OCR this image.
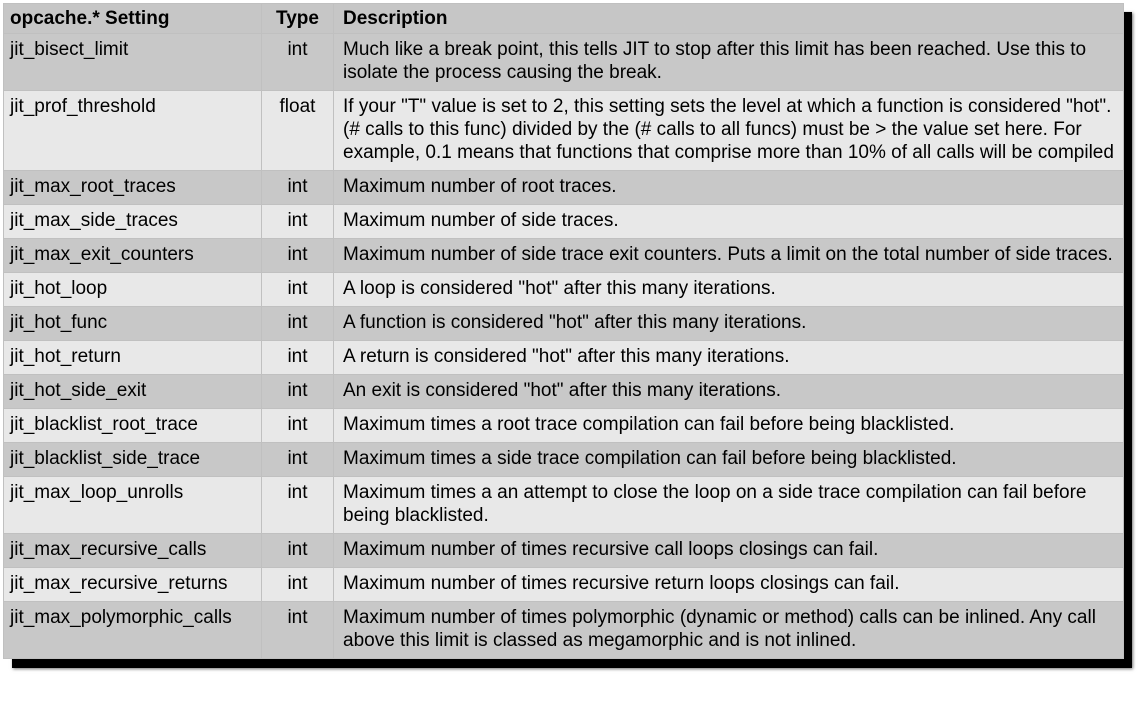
opcache.* Setting	Type	Description
jit_bisect_limit	int	Much like a break point, this tells JIT to stop after this limit has been reached. Use this to isolate the process causing the break.
jit_prof_threshold	float	If your "T" value is set to 2, this setting sets the level at which a function is considered "hot". (# calls to this func) divided by the (# calls to all funcs) must be > the value set here. For example, 0.1 means that functions that comprise more than 10% of all calls will be compiled
jit_max_root_traces	int	Maximum number of root traces.
jit_max_side_traces	int	Maximum number of side traces.
jit_max_exit_counters	int	Maximum number of side trace exit counters. Puts a limit on the total number of side traces.
jit_hot_loop	int	A loop is considered "hot" after this many iterations.
jit_hot_func	int	A function is considered "hot" after this many iterations.
jit_hot_return	int	A return is considered "hot" after this many iterations.
jit_hot_side_exit	int	An exit is considered "hot" after this many iterations.
jit_blacklist_root_trace	int	Maximum times a root trace compilation can fail before being blacklisted.
jit_blacklist_side_trace	int	Maximum times a side trace compilation can fail before being blacklisted.
jit_max_loop_unrolls	int	Maximum times a an attempt to close the loop on a side trace compilation can fail before being blacklisted.
jit_max_recursive_calls	int	Maximum number of times recursive call loops closings can fail.
jit_max_recursive_returns	int	Maximum number of times recursive return loops closings can fail.
jit_max_polymorphic_calls	int	Maximum number of times polymorphic (dynamic or method) calls can be inlined. Any call above this limit is classed as megamorphic and is not inlined.
